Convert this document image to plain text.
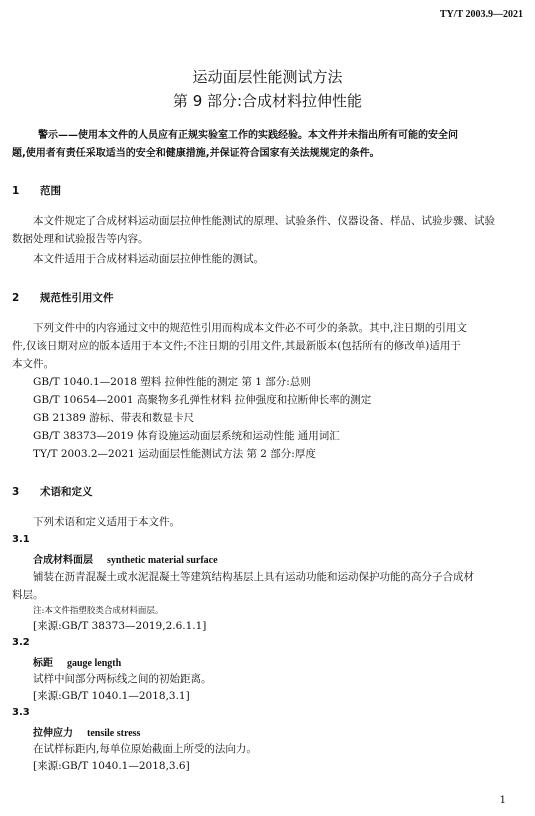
TY/T 2003.9—2021
运动面层性能测试方法
第 9 部分:合成材料拉伸性能
警示——使用本文件的人员应有正规实验室工作的实践经验。本文件并未指出所有可能的安全问
题,使用者有责任采取适当的安全和健康措施,并保证符合国家有关法规规定的条件。
1 范围
本文件规定了合成材料运动面层拉伸性能测试的原理、试验条件、仪器设备、样品、试验步骤、试验
数据处理和试验报告等内容。
本文件适用于合成材料运动面层拉伸性能的测试。
2 规范性引用文件
下列文件中的内容通过文中的规范性引用而构成本文件必不可少的条款。其中,注日期的引用文
件,仅该日期对应的版本适用于本文件;不注日期的引用文件,其最新版本(包括所有的修改单)适用于
本文件。
GB/T 1040.1—2018 塑料 拉伸性能的测定 第 1 部分:总则
GB/T 10654—2001 高聚物多孔弹性材料 拉伸强度和拉断伸长率的测定
GB 21389 游标、带表和数显卡尺
GB/T 38373—2019 体育设施运动面层系统和运动性能 通用词汇
TY/T 2003.2—2021 运动面层性能测试方法 第 2 部分:厚度
3 术语和定义
下列术语和定义适用于本文件。
3.1
合成材料面层 synthetic material surface
铺装在沥青混凝土或水泥混凝土等建筑结构基层上具有运动功能和运动保护功能的高分子合成材
料层。
注:本文件指塑胶类合成材料面层。
[来源:GB/T 38373—2019,2.6.1.1]
3.2
标距 gauge length
试样中间部分两标线之间的初始距离。
[来源:GB/T 1040.1—2018,3.1]
3.3
拉伸应力 tensile stress
在试样标距内,每单位原始截面上所受的法向力。
[来源:GB/T 1040.1—2018,3.6]
1
